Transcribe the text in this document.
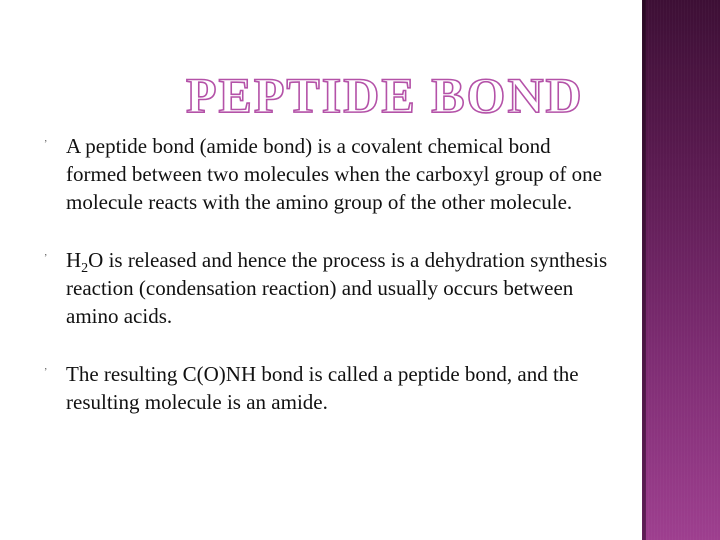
PEPTIDE BOND
’ A peptide bond (amide bond) is a covalent chemical bond formed between two molecules when the carboxyl group of one molecule reacts with the amino group of the other molecule.
’ $H_2O$ is released and hence the process is a dehydration synthesis reaction (condensation reaction) and usually occurs between amino acids.
’ The resulting C(O)NH bond is called a peptide bond, and the resulting molecule is an amide.
